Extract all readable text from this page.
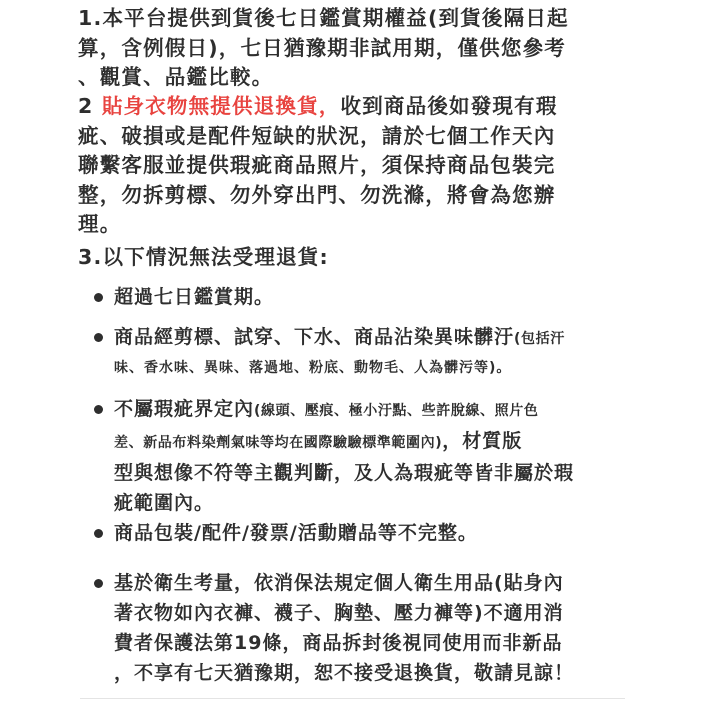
1.本平台提供到貨後七日鑑賞期權益(到貨後隔日起
算，含例假日)，七日猶豫期非試用期，僅供您參考
、觀賞、品鑑比較。
2 貼身衣物無提供退換貨，收到商品後如發現有瑕
疵、破損或是配件短缺的狀況，請於七個工作天內
聯繫客服並提供瑕疵商品照片，須保持商品包裝完
整，勿拆剪標、勿外穿出門、勿洗滌，將會為您辦
理。
3.以下情況無法受理退貨:
超過七日鑑賞期。
商品經剪標、試穿、下水、商品沾染異味髒汙(包括汗
味、香水味、異味、落過地、粉底、動物毛、人為髒污等)。
不屬瑕疵界定內(線頭、壓痕、極小汙點、些許脫線、照片色
差、新品布料染劑氣味等均在國際驗驗標準範圍內)，材質版
型與想像不符等主觀判斷，及人為瑕疵等皆非屬於瑕
疵範圍內。
商品包裝/配件/發票/活動贈品等不完整。
基於衛生考量，依消保法規定個人衛生用品(貼身內
著衣物如內衣褲、襪子、胸墊、壓力褲等)不適用消
費者保護法第19條，商品拆封後視同使用而非新品
，不享有七天猶豫期，恕不接受退換貨，敬請見諒！
